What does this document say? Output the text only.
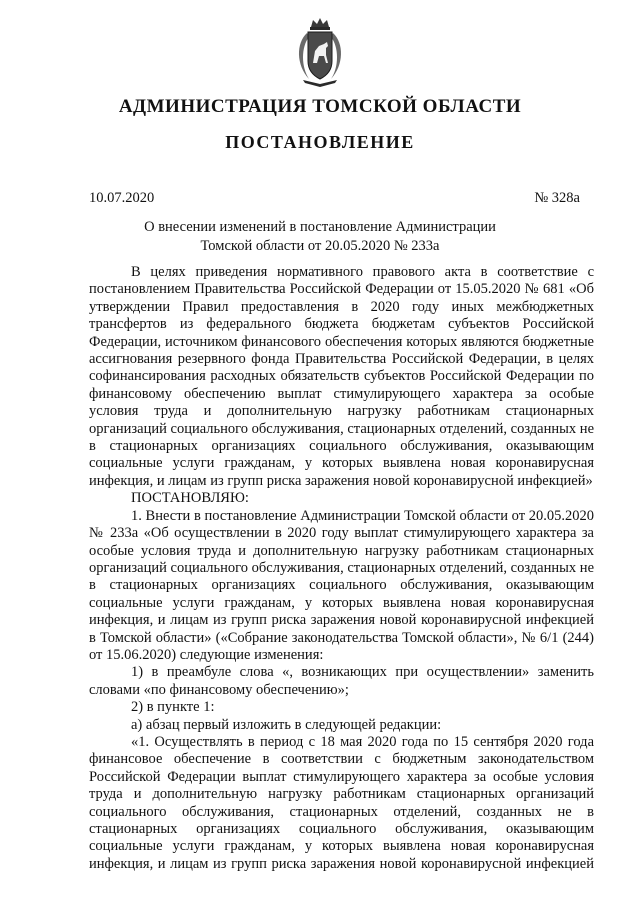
АДМИНИСТРАЦИЯ ТОМСКОЙ ОБЛАСТИ
ПОСТАНОВЛЕНИЕ
10.07.2020	№ 328а
О внесении изменений в постановление Администрации
Томской области от 20.05.2020 № 233а

В целях приведения нормативного правового акта в соответствие с постановлением Правительства Российской Федерации от 15.05.2020 № 681 «Об утверждении Правил предоставления в 2020 году иных межбюджетных трансфертов из федерального бюджета бюджетам субъектов Российской Федерации, источником финансового обеспечения которых являются бюджетные ассигнования резервного фонда Правительства Российской Федерации, в целях софинансирования расходных обязательств субъектов Российской Федерации по финансовому обеспечению выплат стимулирующего характера за особые условия труда и дополнительную нагрузку работникам стационарных организаций социального обслуживания, стационарных отделений, созданных не в стационарных организациях социального обслуживания, оказывающим социальные услуги гражданам, у которых выявлена новая коронавирусная инфекция, и лицам из групп риска заражения новой коронавирусной инфекцией»

ПОСТАНОВЛЯЮ:

1. Внести в постановление Администрации Томской области от 20.05.2020 № 233а «Об осуществлении в 2020 году выплат стимулирующего характера за особые условия труда и дополнительную нагрузку работникам стационарных организаций социального обслуживания, стационарных отделений, созданных не в стационарных организациях социального обслуживания, оказывающим социальные услуги гражданам, у которых выявлена новая коронавирусная инфекция, и лицам из групп риска заражения новой коронавирусной инфекцией в Томской области» («Собрание законодательства Томской области», № 6/1 (244) от 15.06.2020) следующие изменения:

1) в преамбуле слова «, возникающих при осуществлении» заменить словами «по финансовому обеспечению»;

2) в пункте 1:

а) абзац первый изложить в следующей редакции:

«1. Осуществлять в период с 18 мая 2020 года по 15 сентября 2020 года финансовое обеспечение в соответствии с бюджетным законодательством Российской Федерации выплат стимулирующего характера за особые условия труда и дополнительную нагрузку работникам стационарных организаций социального обслуживания, стационарных отделений, созданных не в стационарных организациях социального обслуживания, оказывающим социальные услуги гражданам, у которых выявлена новая коронавирусная инфекция, и лицам из групп риска заражения новой коронавирусной инфекцией
